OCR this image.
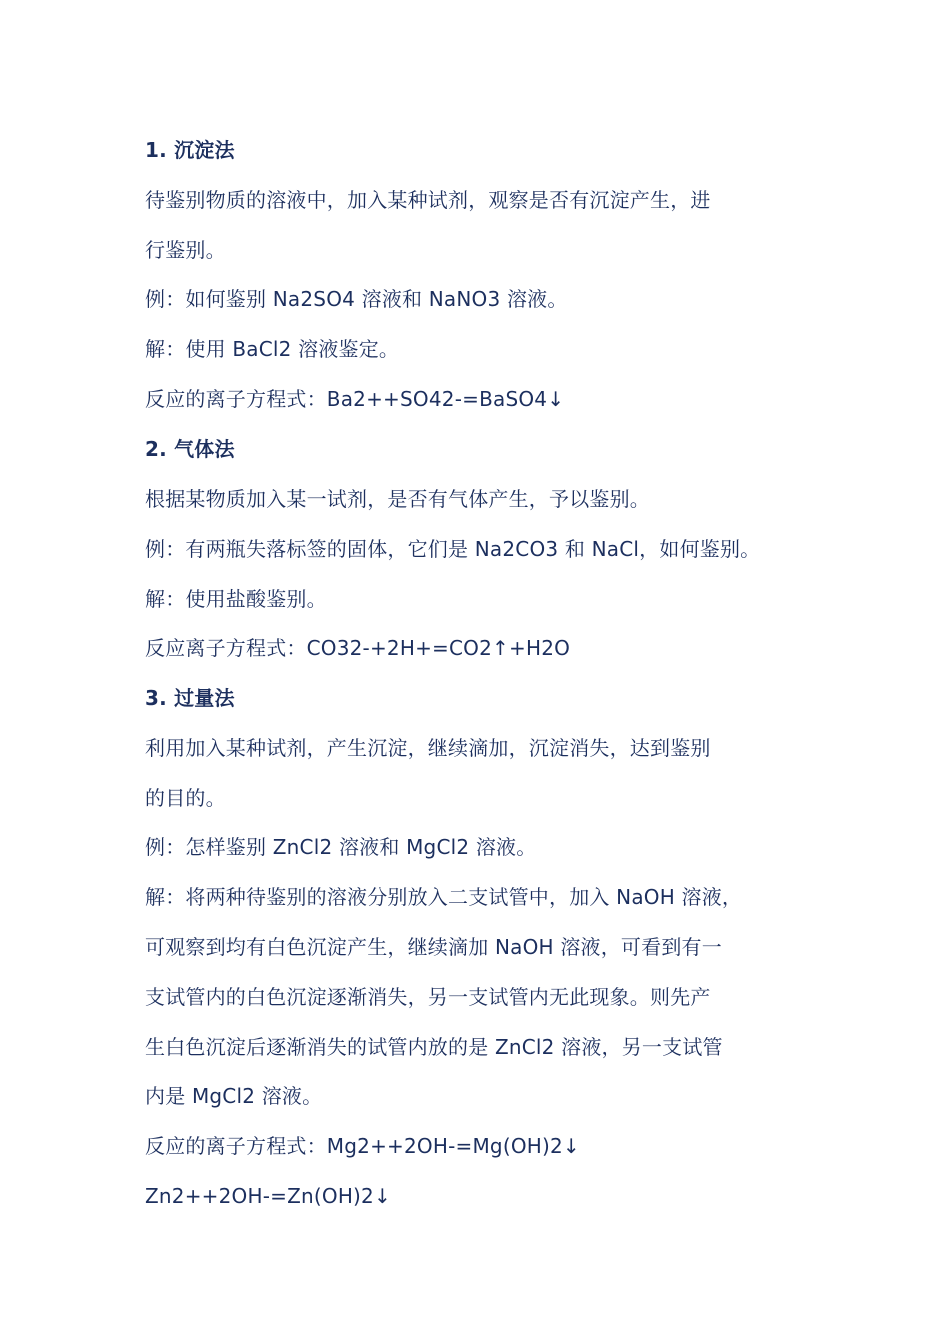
1. 沉淀法
待鉴别物质的溶液中，加入某种试剂，观察是否有沉淀产生，进
行鉴别。
例：如何鉴别 Na2SO4 溶液和 NaNO3 溶液。
解：使用 BaCl2 溶液鉴定。
反应的离子方程式：Ba2++SO42-=BaSO4↓
2. 气体法
根据某物质加入某一试剂，是否有气体产生，予以鉴别。
例：有两瓶失落标签的固体，它们是 Na2CO3 和 NaCl，如何鉴别。
解：使用盐酸鉴别。
反应离子方程式：CO32-+2H+=CO2↑+H2O
3. 过量法
利用加入某种试剂，产生沉淀，继续滴加，沉淀消失，达到鉴别
的目的。
例：怎样鉴别 ZnCl2 溶液和 MgCl2 溶液。
解：将两种待鉴别的溶液分别放入二支试管中，加入 NaOH 溶液，
可观察到均有白色沉淀产生，继续滴加 NaOH 溶液，可看到有一
支试管内的白色沉淀逐渐消失，另一支试管内无此现象。则先产
生白色沉淀后逐渐消失的试管内放的是 ZnCl2 溶液，另一支试管
内是 MgCl2 溶液。
反应的离子方程式：Mg2++2OH-=Mg(OH)2↓
Zn2++2OH-=Zn(OH)2↓
